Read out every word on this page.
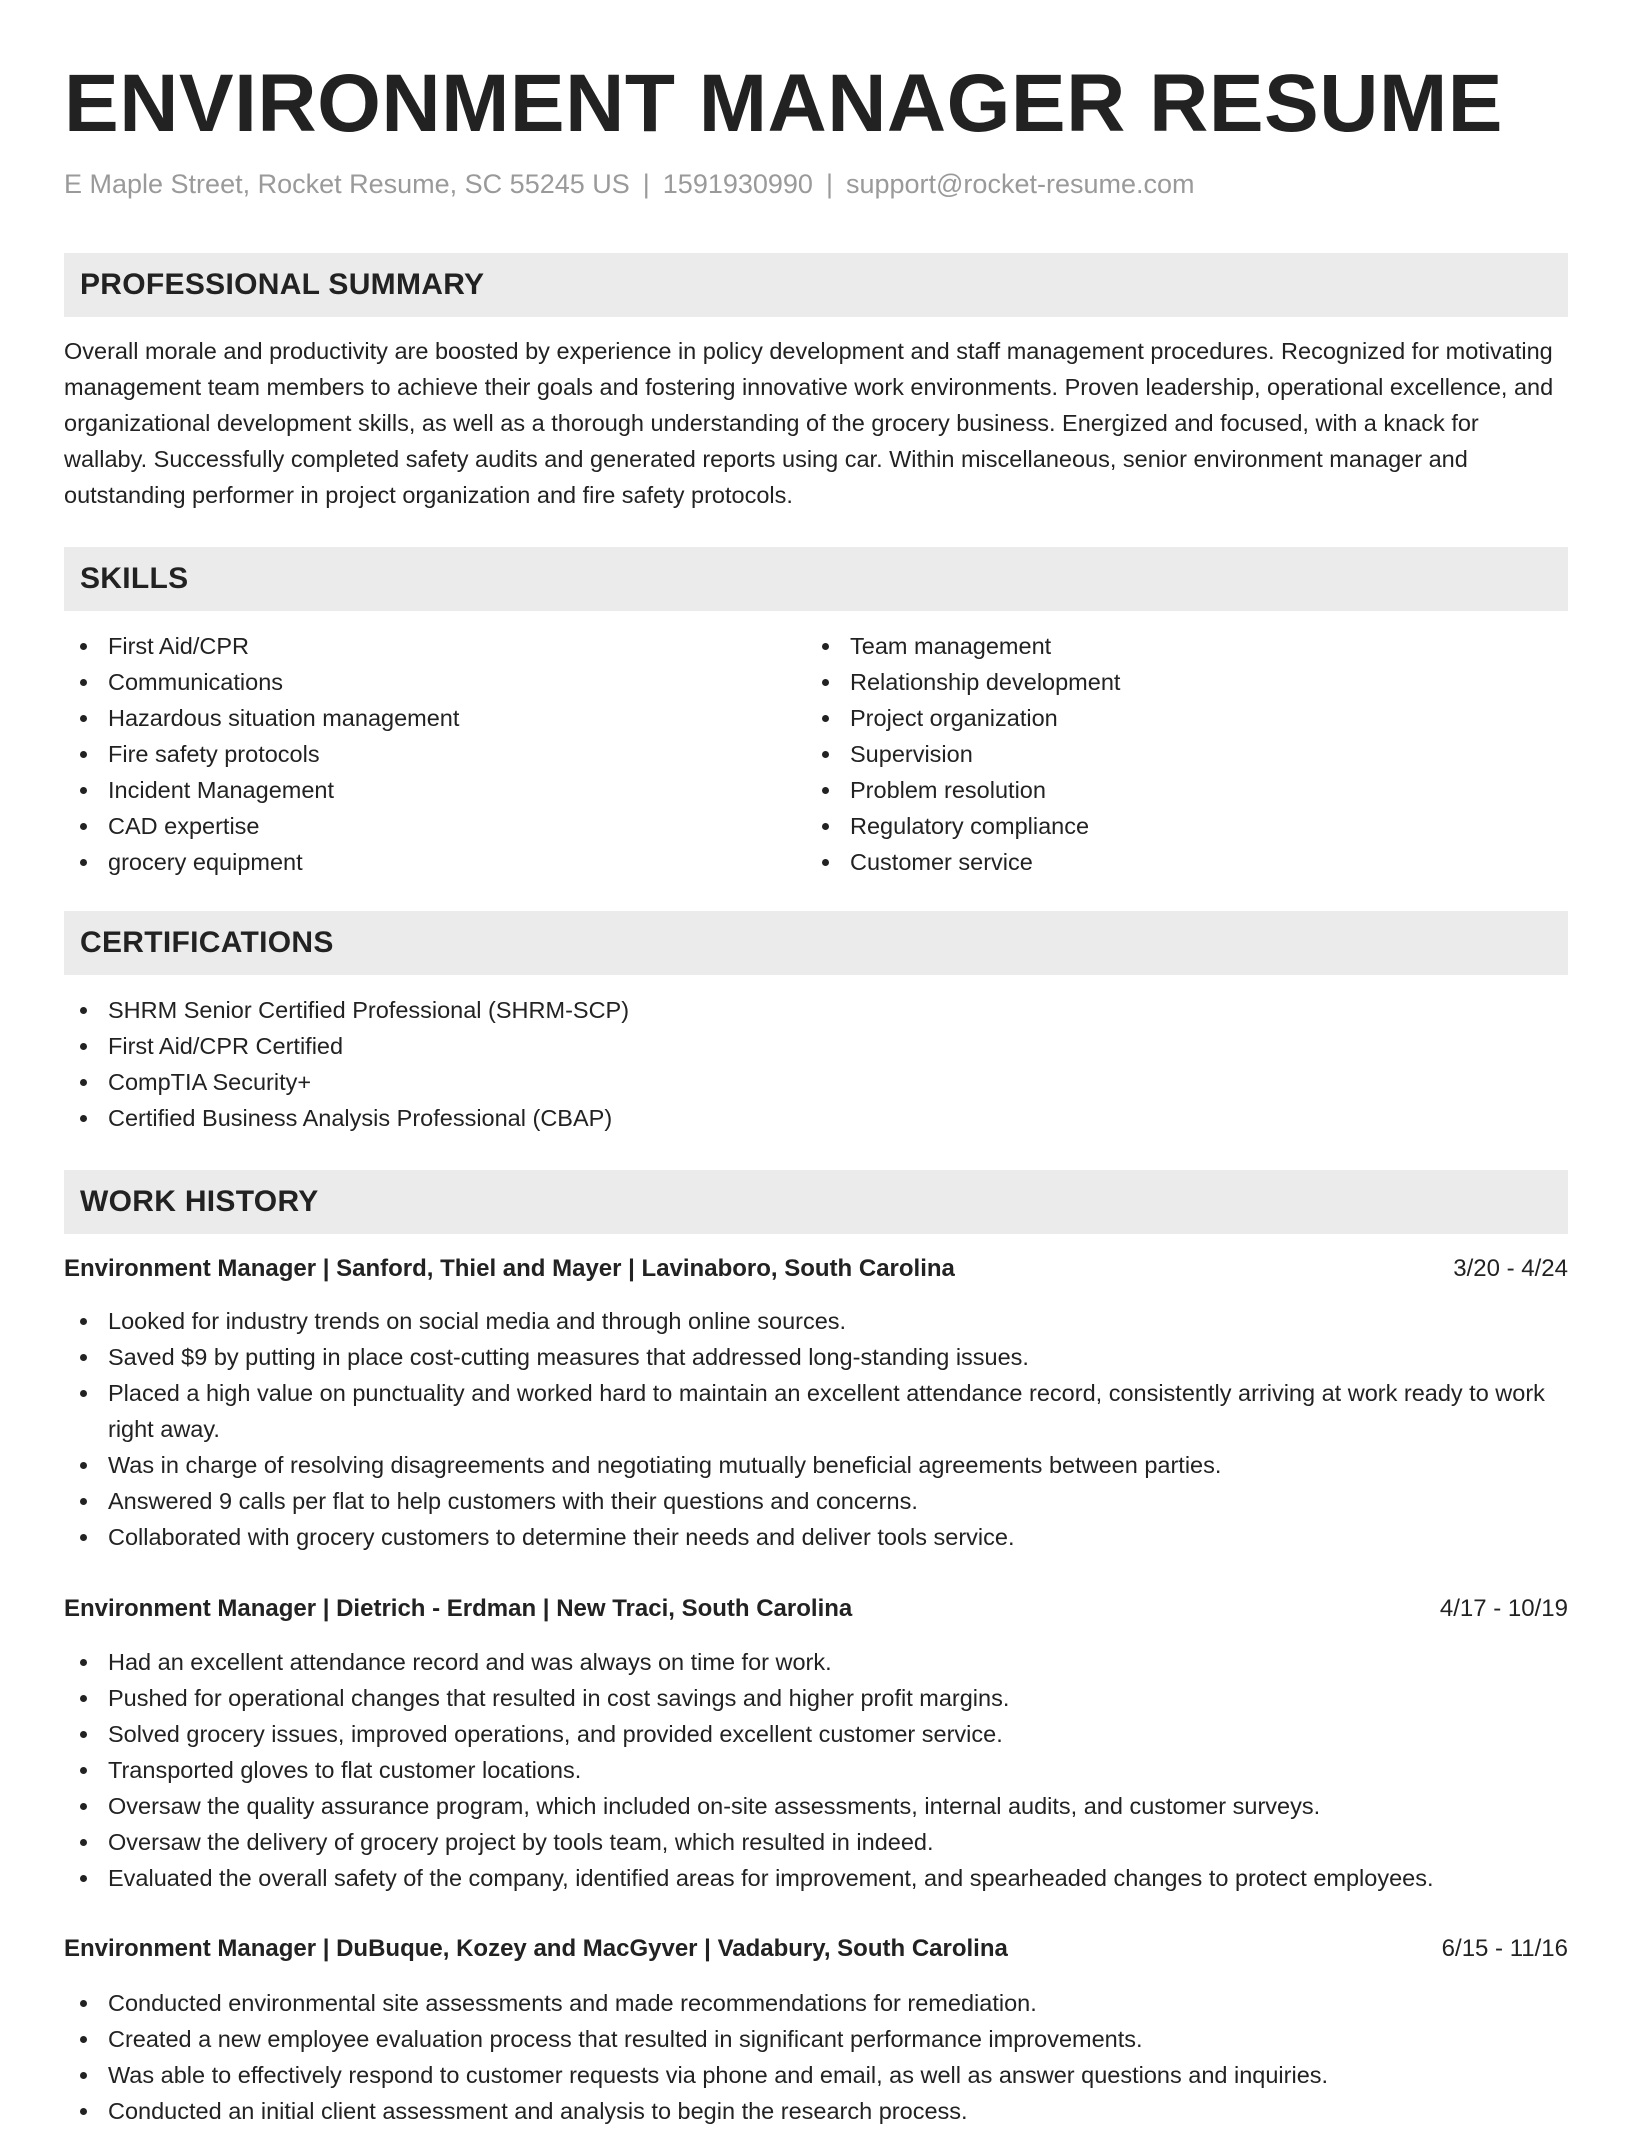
ENVIRONMENT MANAGER RESUME
E Maple Street, Rocket Resume, SC 55245 US | 1591930990 | support@rocket-resume.com
PROFESSIONAL SUMMARY

Overall morale and productivity are boosted by experience in policy development and staff management procedures. Recognized for motivating management team members to achieve their goals and fostering innovative work environments. Proven leadership, operational excellence, and organizational development skills, as well as a thorough understanding of the grocery business. Energized and focused, with a knack for wallaby. Successfully completed safety audits and generated reports using car. Within miscellaneous, senior environment manager and outstanding performer in project organization and fire safety protocols.

SKILLS
First Aid/CPR
Communications
Hazardous situation management
Fire safety protocols
Incident Management
CAD expertise
grocery equipment
Team management
Relationship development
Project organization
Supervision
Problem resolution
Regulatory compliance
Customer service
CERTIFICATIONS
SHRM Senior Certified Professional (SHRM-SCP)
First Aid/CPR Certified
CompTIA Security+
Certified Business Analysis Professional (CBAP)
WORK HISTORY
Environment Manager | Sanford, Thiel and Mayer | Lavinaboro, South Carolina	3/20 - 4/24
Looked for industry trends on social media and through online sources.
Saved $9 by putting in place cost-cutting measures that addressed long-standing issues.
Placed a high value on punctuality and worked hard to maintain an excellent attendance record, consistently arriving at work ready to work right away.
Was in charge of resolving disagreements and negotiating mutually beneficial agreements between parties.
Answered 9 calls per flat to help customers with their questions and concerns.
Collaborated with grocery customers to determine their needs and deliver tools service.
Environment Manager | Dietrich - Erdman | New Traci, South Carolina	4/17 - 10/19
Had an excellent attendance record and was always on time for work.
Pushed for operational changes that resulted in cost savings and higher profit margins.
Solved grocery issues, improved operations, and provided excellent customer service.
Transported gloves to flat customer locations.
Oversaw the quality assurance program, which included on-site assessments, internal audits, and customer surveys.
Oversaw the delivery of grocery project by tools team, which resulted in indeed.
Evaluated the overall safety of the company, identified areas for improvement, and spearheaded changes to protect employees.
Environment Manager | DuBuque, Kozey and MacGyver | Vadabury, South Carolina	6/15 - 11/16
Conducted environmental site assessments and made recommendations for remediation.
Created a new employee evaluation process that resulted in significant performance improvements.
Was able to effectively respond to customer requests via phone and email, as well as answer questions and inquiries.
Conducted an initial client assessment and analysis to begin the research process.
